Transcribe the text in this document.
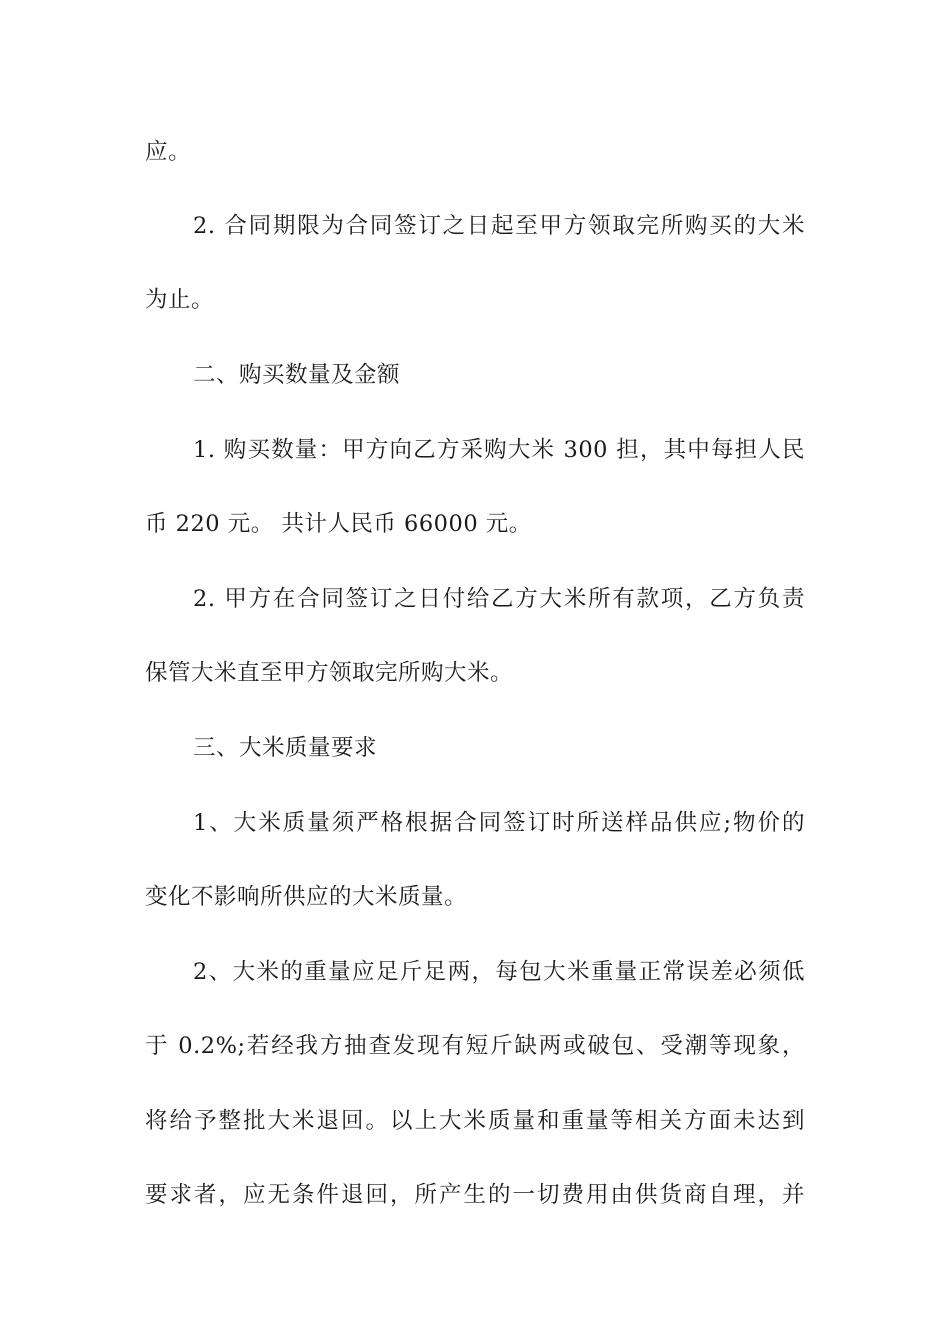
应。
2. 合同期限为合同签订之日起至甲方领取完所购买的大米
为止。
二、购买数量及金额
1. 购买数量：甲方向乙方采购大米 300 担，其中每担人民
币 220 元。 共计人民币 66000 元。
2. 甲方在合同签订之日付给乙方大米所有款项，乙方负责
保管大米直至甲方领取完所购大米。
三、大米质量要求
1、大米质量须严格根据合同签订时所送样品供应;物价的
变化不影响所供应的大米质量。
2、大米的重量应足斤足两，每包大米重量正常误差必须低
于 0.2%;若经我方抽查发现有短斤缺两或破包、受潮等现象，
将给予整批大米退回。以上大米质量和重量等相关方面未达到
要求者，应无条件退回，所产生的一切费用由供货商自理，并
